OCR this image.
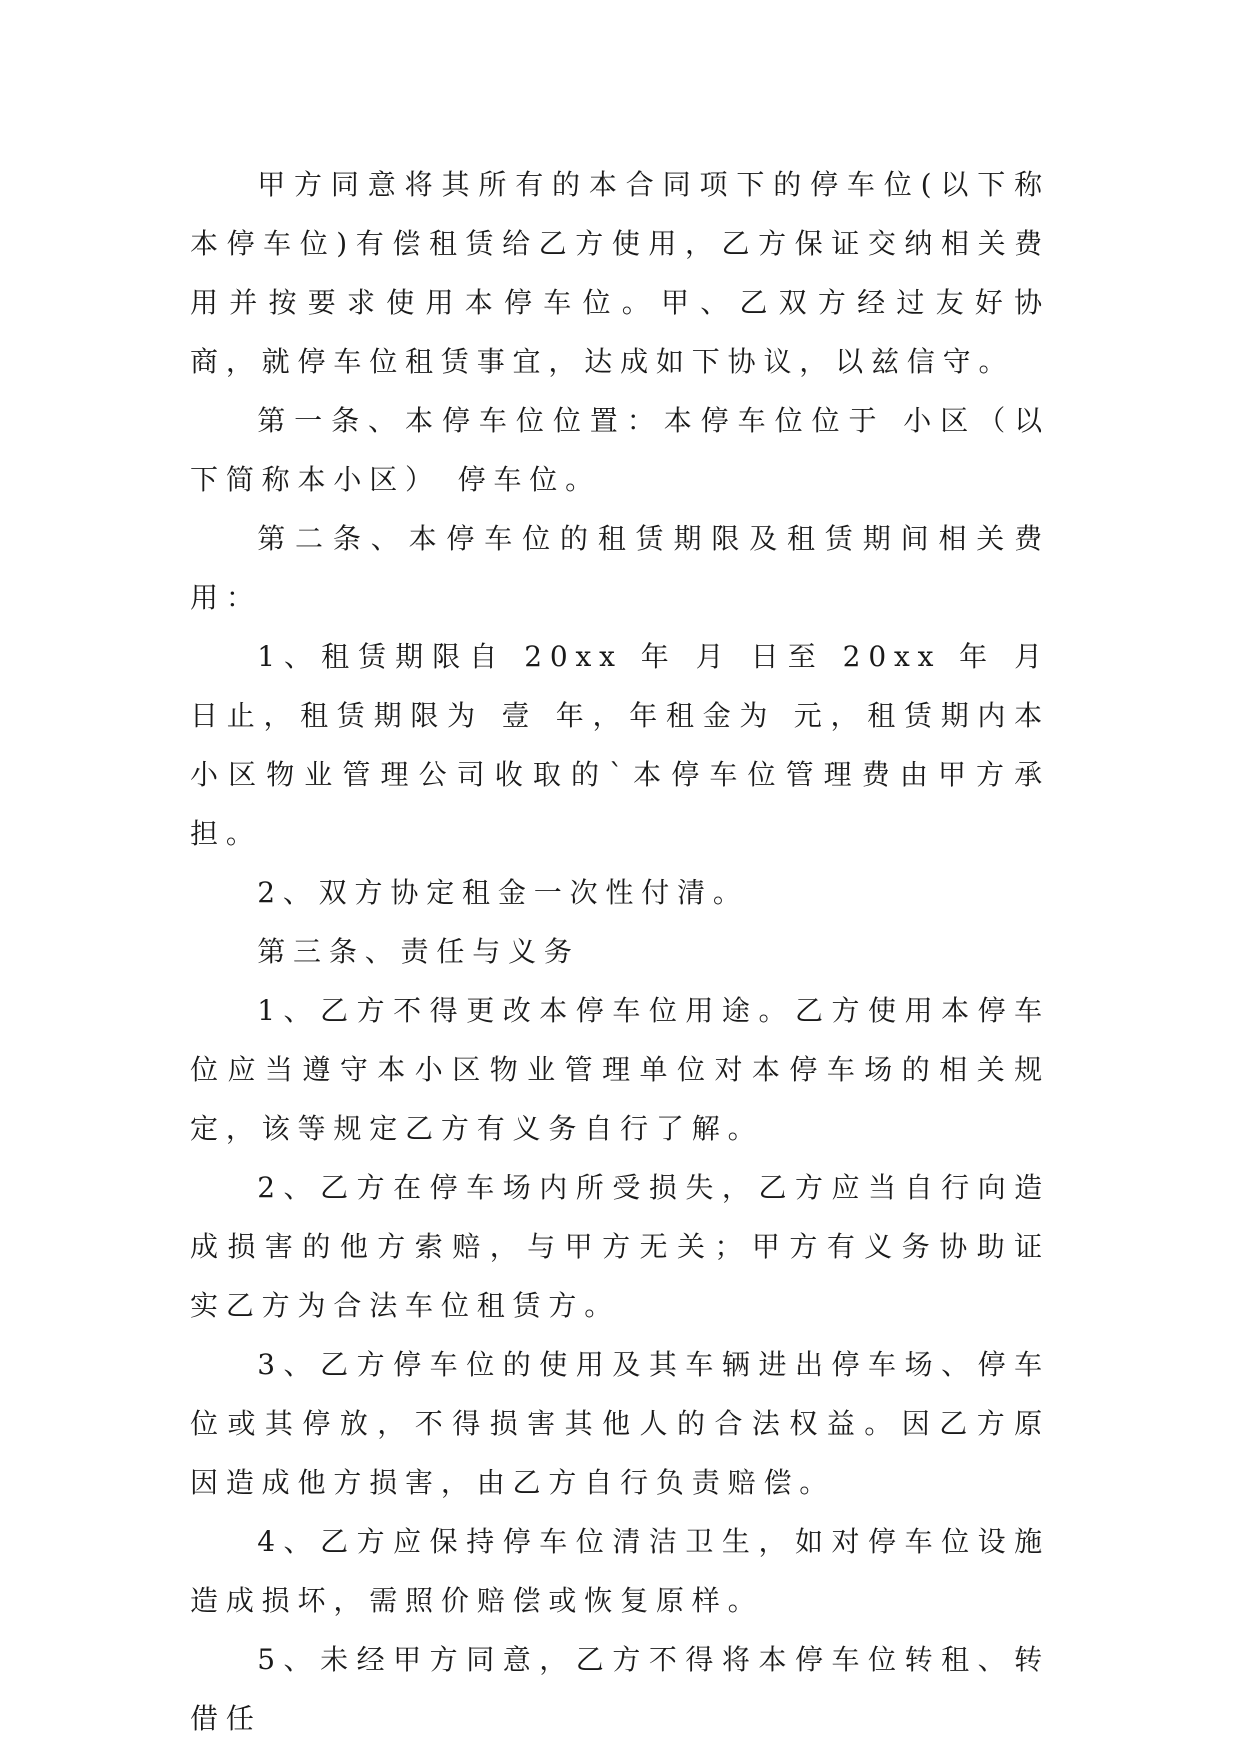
甲方同意将其所有的本合同项下的停车位(以下称本停车位)有偿租赁给乙方使用，乙方保证交纳相关费用并按要求使用本停车位。甲、乙双方经过友好协商，就停车位租赁事宜，达成如下协议，以兹信守。

第一条、本停车位位置：本停车位位于 小区（以下简称本小区） 停车位。

第二条、本停车位的租赁期限及租赁期间相关费用：

1、租赁期限自 20xx 年 月 日至 20xx 年 月 日止，租赁期限为 壹 年，年租金为 元，租赁期内本小区物业管理公司收取的`本停车位管理费由甲方承担。

2、双方协定租金一次性付清。

第三条、责任与义务

1、乙方不得更改本停车位用途。乙方使用本停车位应当遵守本小区物业管理单位对本停车场的相关规定，该等规定乙方有义务自行了解。

2、乙方在停车场内所受损失，乙方应当自行向造成损害的他方索赔，与甲方无关；甲方有义务协助证实乙方为合法车位租赁方。

3、乙方停车位的使用及其车辆进出停车场、停车位或其停放，不得损害其他人的合法权益。因乙方原因造成他方损害，由乙方自行负责赔偿。

4、乙方应保持停车位清洁卫生，如对停车位设施造成损坏，需照价赔偿或恢复原样。

5、未经甲方同意，乙方不得将本停车位转租、转借任
